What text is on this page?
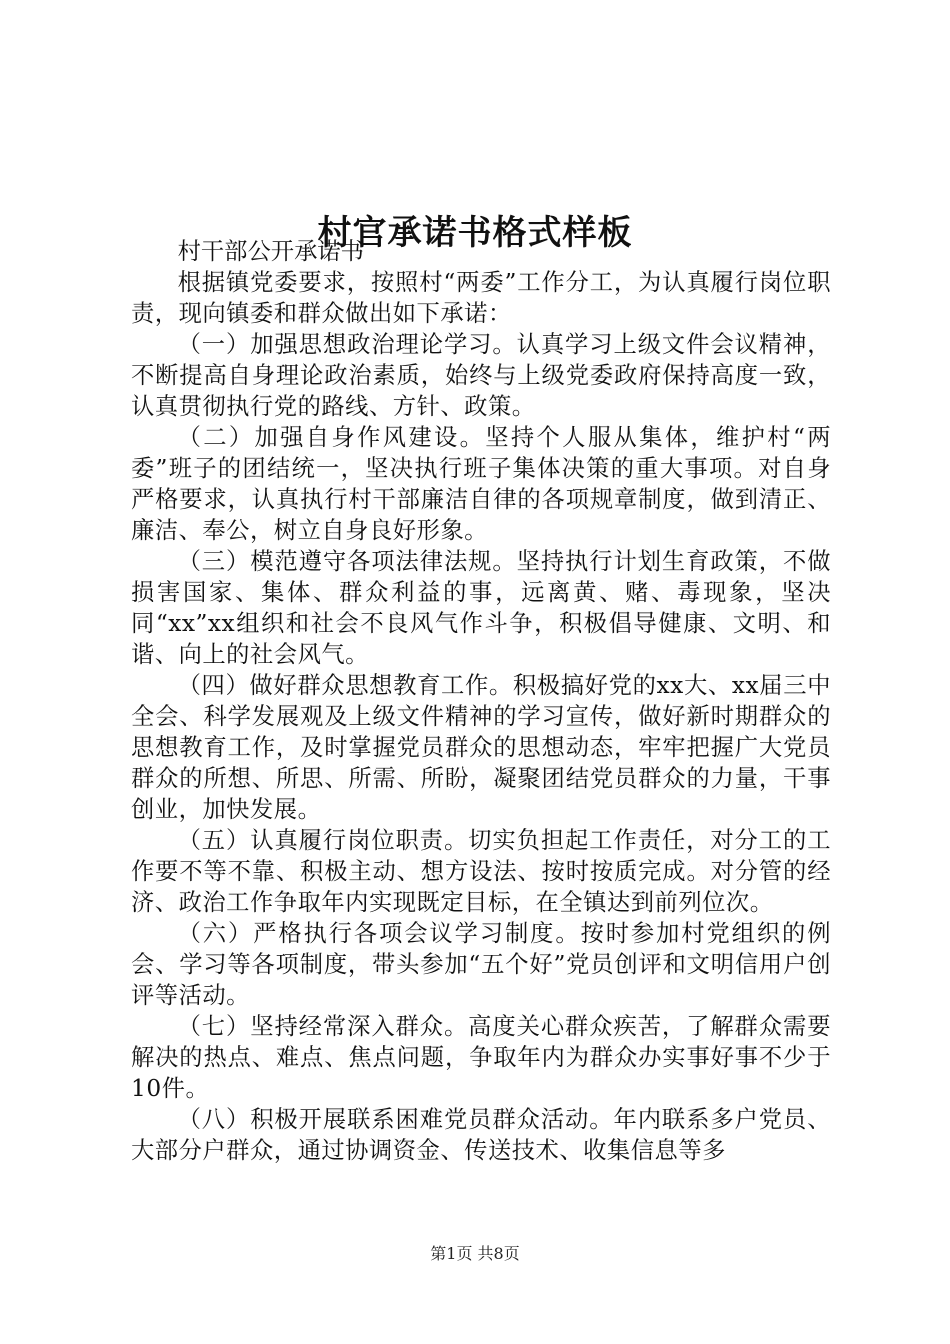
村官承诺书格式样板

村干部公开承诺书

根据镇党委要求，按照村“两委”工作分工，为认真履行岗位职责，现向镇委和群众做出如下承诺：

（一）加强思想政治理论学习。认真学习上级文件会议精神，不断提高自身理论政治素质，始终与上级党委政府保持高度一致，认真贯彻执行党的路线、方针、政策。

（二）加强自身作风建设。坚持个人服从集体，维护村“两委”班子的团结统一，坚决执行班子集体决策的重大事项。对自身严格要求，认真执行村干部廉洁自律的各项规章制度，做到清正、廉洁、奉公，树立自身良好形象。

（三）模范遵守各项法律法规。坚持执行计划生育政策，不做损害国家、集体、群众利益的事，远离黄、赌、毒现象，坚决同“xx”xx组织和社会不良风气作斗争，积极倡导健康、文明、和谐、向上的社会风气。

（四）做好群众思想教育工作。积极搞好党的xx大、xx届三中全会、科学发展观及上级文件精神的学习宣传，做好新时期群众的思想教育工作，及时掌握党员群众的思想动态，牢牢把握广大党员群众的所想、所思、所需、所盼，凝聚团结党员群众的力量，干事创业，加快发展。

（五）认真履行岗位职责。切实负担起工作责任，对分工的工作要不等不靠、积极主动、想方设法、按时按质完成。对分管的经济、政治工作争取年内实现既定目标，在全镇达到前列位次。

（六）严格执行各项会议学习制度。按时参加村党组织的例会、学习等各项制度，带头参加“五个好”党员创评和文明信用户创评等活动。

（七）坚持经常深入群众。高度关心群众疾苦，了解群众需要解决的热点、难点、焦点问题，争取年内为群众办实事好事不少于10件。

（八）积极开展联系困难党员群众活动。年内联系多户党员、大部分户群众，通过协调资金、传送技术、收集信息等多

第1页 共8页
